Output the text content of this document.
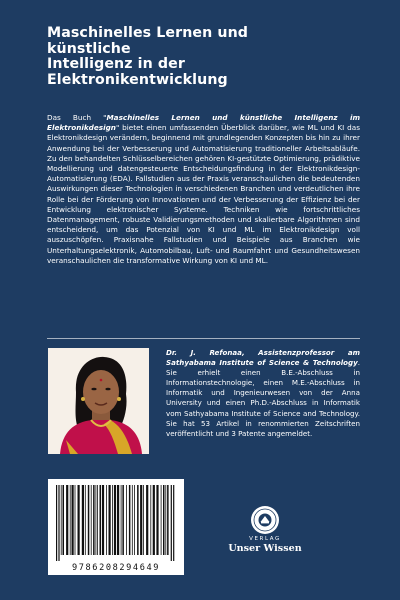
Maschinelles Lernen und
künstliche
Intelligenz in der
Elektronikentwicklung

Das Buch "Maschinelles Lernen und künstliche Intelligenz im Elektronikdesign" bietet einen umfassenden Überblick darüber, wie ML und KI das Elektronikdesign verändern, beginnend mit grundlegenden Konzepten bis hin zu ihrer Anwendung bei der Verbesserung und Automatisierung traditioneller Arbeitsabläufe. Zu den behandelten Schlüsselbereichen gehören KI-gestützte Optimierung, prädiktive Modellierung und datengesteuerte Entscheidungsfindung in der Elektronikdesign-Automatisierung (EDA). Fallstudien aus der Praxis veranschaulichen die bedeutenden Auswirkungen dieser Technologien in verschiedenen Branchen und verdeutlichen ihre Rolle bei der Förderung von Innovationen und der Verbesserung der Effizienz bei der Entwicklung elektronischer Systeme. Techniken wie fortschrittliches Datenmanagement, robuste Validierungsmethoden und skalierbare Algorithmen sind entscheidend, um das Potenzial von KI und ML im Elektronikdesign voll auszuschöpfen. Praxisnahe Fallstudien und Beispiele aus Branchen wie Unterhaltungselektronik, Automobilbau, Luft- und Raumfahrt und Gesundheitswesen veranschaulichen die transformative Wirkung von KI und ML.

Dr. J. Refonaa, Assistenzprofessor am Sathyabama Institute of Science & Technology. Sie erhielt einen B.E.-Abschluss in Informationstechnologie, einen M.E.-Abschluss in Informatik und Ingenieurwesen von der Anna University und einen Ph.D.-Abschluss in Informatik vom Sathyabama Institute of Science and Technology. Sie hat 53 Artikel in renommierten Zeitschriften veröffentlicht und 3 Patente angemeldet.

9786208294649
VERLAG
Unser Wissen
